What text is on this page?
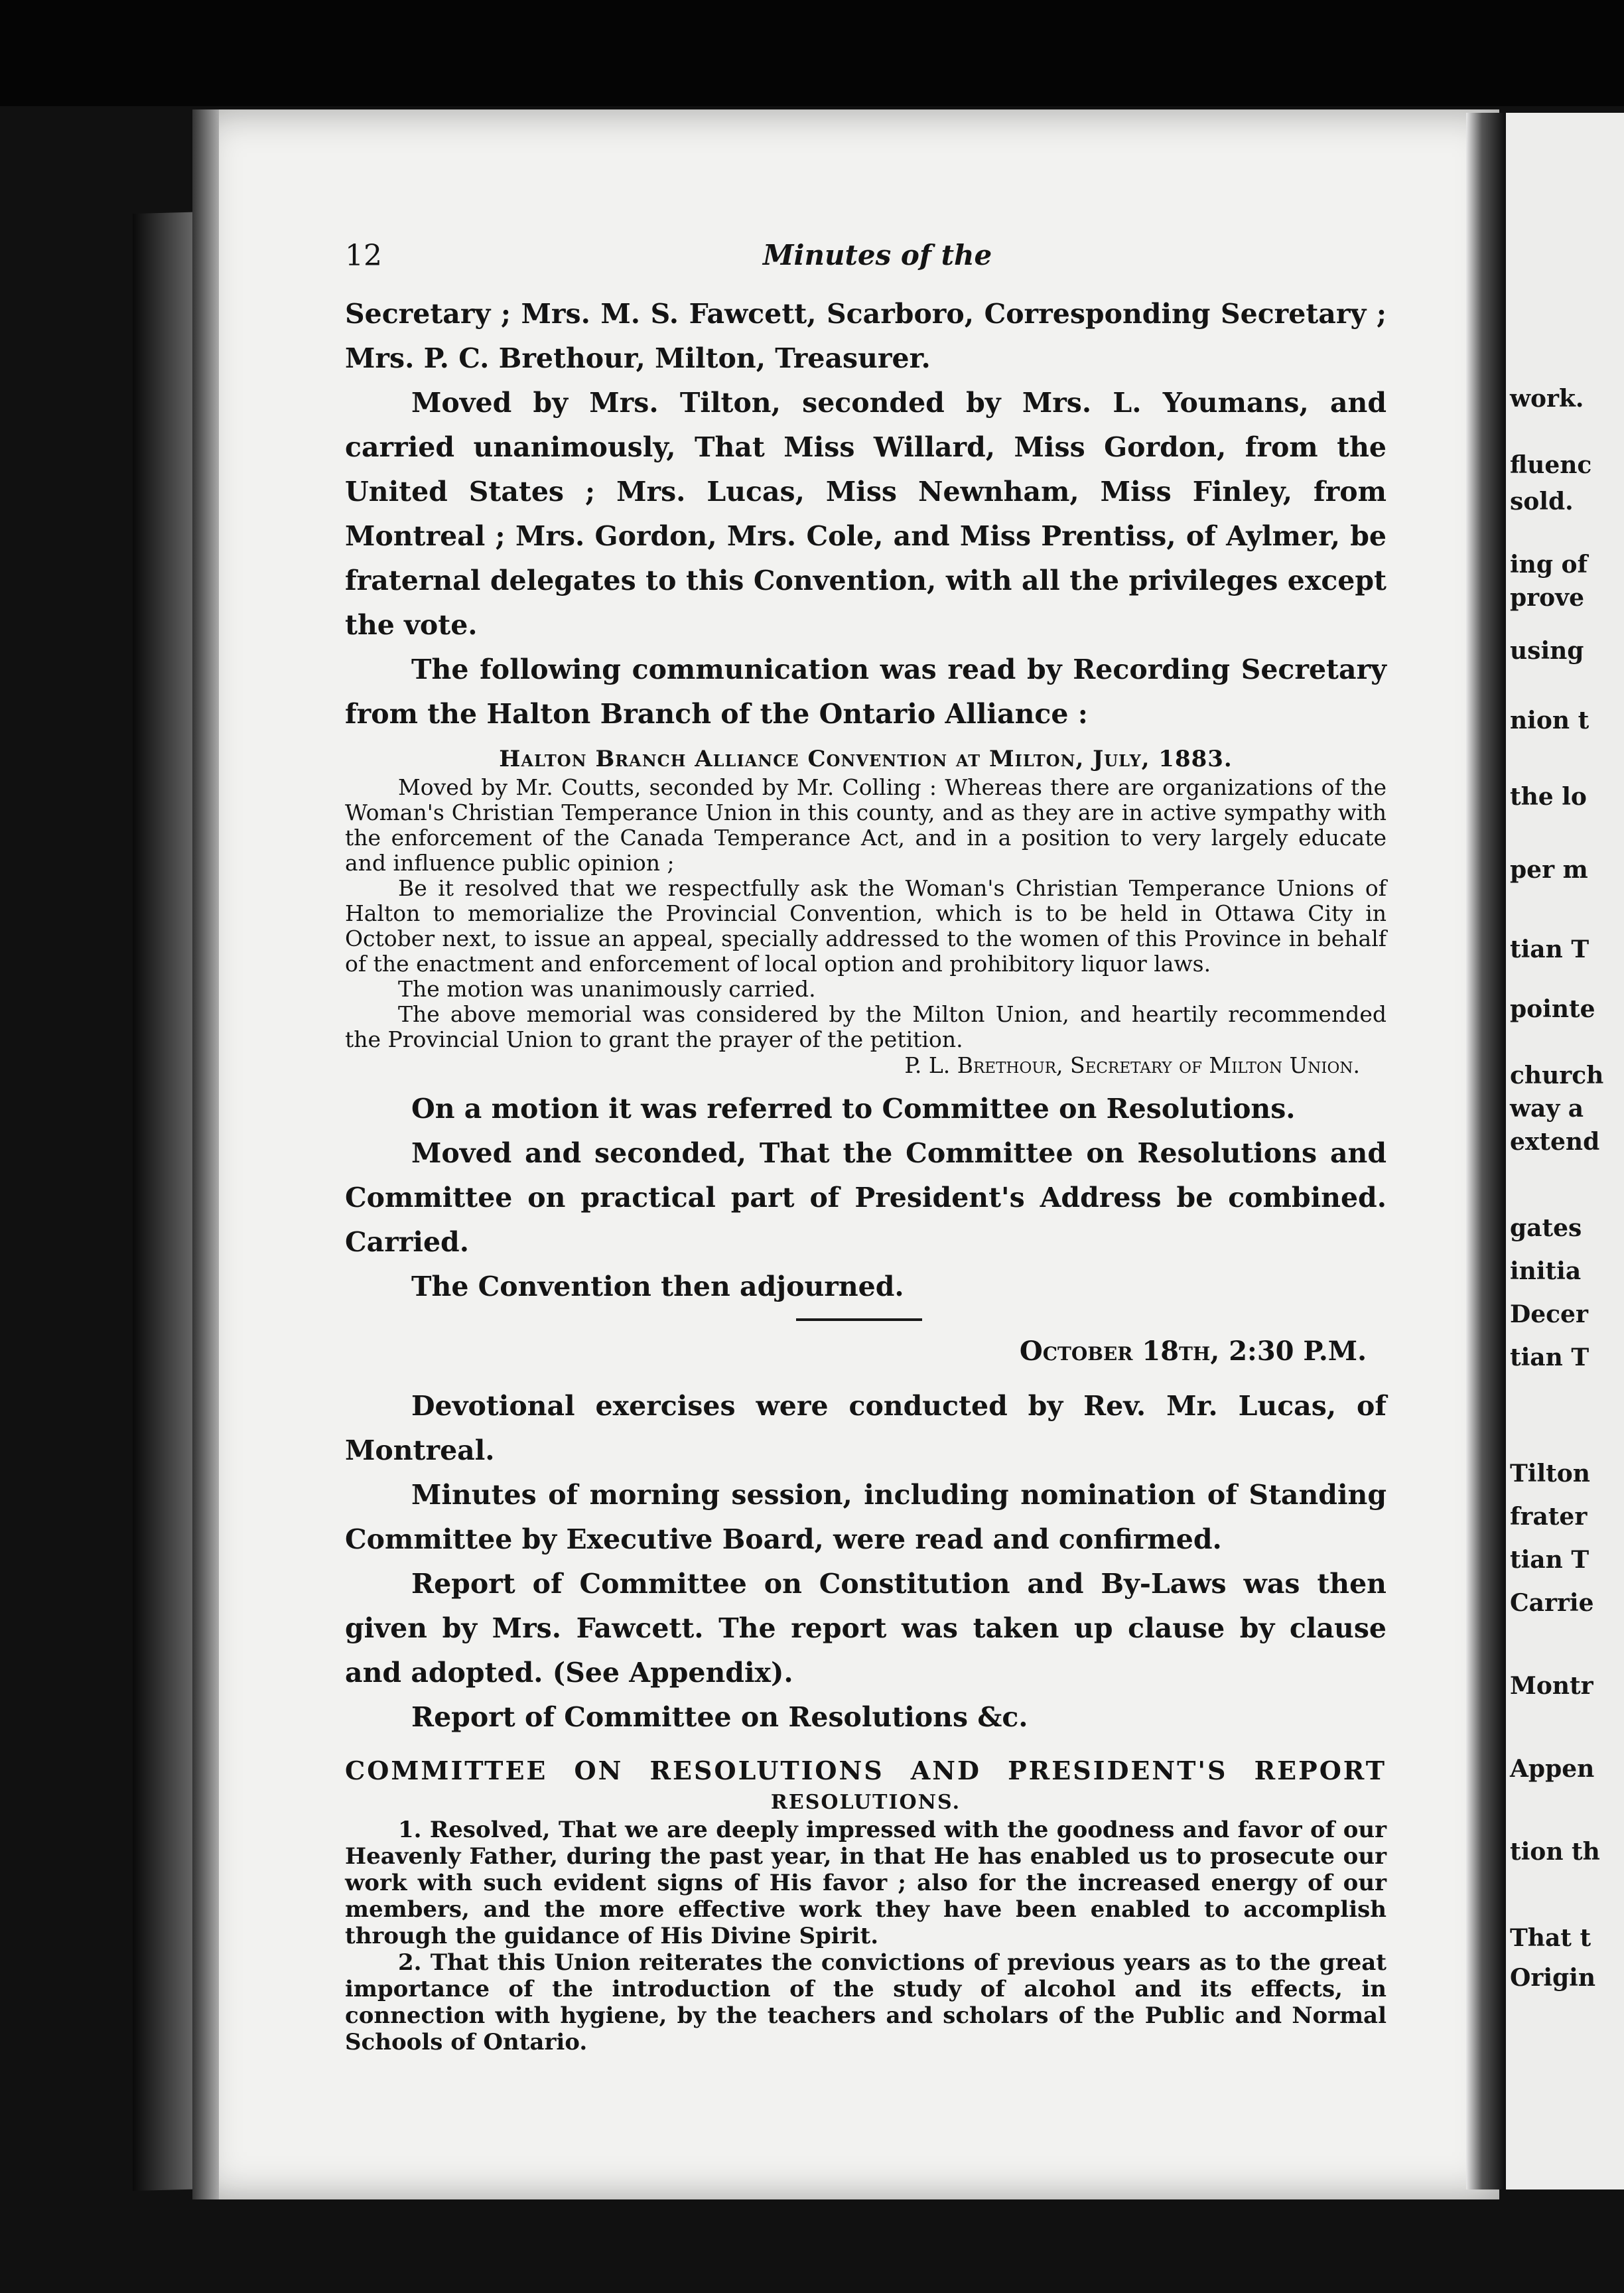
work.
fluenc
sold.
ing of
prove
using
nion t
the lo
per m
tian T
pointe
church
way a
extend
gates
initia
Decer
tian T
Tilton
frater
tian T
Carrie
Montr
Appen
tion th
That t
Origin
12	Minutes of the

Secretary ; Mrs. M. S. Fawcett, Scarboro, Corresponding Secretary ; Mrs. P. C. Brethour, Milton, Treasurer.

Moved by Mrs. Tilton, seconded by Mrs. L. Youmans, and carried unanimously, That Miss Willard, Miss Gordon, from the United States ; Mrs. Lucas, Miss Newnham, Miss Finley, from Montreal ; Mrs. Gordon, Mrs. Cole, and Miss Prentiss, of Aylmer, be fraternal delegates to this Convention, with all the privileges except the vote.

The following communication was read by Recording Secretary from the Halton Branch of the Ontario Alliance :

Halton Branch Alliance Convention at Milton, July, 1883.

Moved by Mr. Coutts, seconded by Mr. Colling : Whereas there are organizations of the Woman's Christian Temperance Union in this county, and as they are in active sympathy with the enforcement of the Canada Temperance Act, and in a position to very largely educate and influence public opinion ;

Be it resolved that we respectfully ask the Woman's Christian Temperance Unions of Halton to memorialize the Provincial Convention, which is to be held in Ottawa City in October next, to issue an appeal, specially addressed to the women of this Province in behalf of the enactment and enforcement of local option and prohibitory liquor laws.

The motion was unanimously carried.

The above memorial was considered by the Milton Union, and heartily recommended the Provincial Union to grant the prayer of the petition.

P. L. Brethour, Secretary of Milton Union.

On a motion it was referred to Committee on Resolutions.

Moved and seconded, That the Committee on Resolutions and Committee on practical part of President's Address be combined. Carried.

The Convention then adjourned.

October 18th, 2:30 P.M.

Devotional exercises were conducted by Rev. Mr. Lucas, of Montreal.

Minutes of morning session, including nomination of Standing Committee by Executive Board, were read and confirmed.

Report of Committee on Constitution and By-Laws was then given by Mrs. Fawcett. The report was taken up clause by clause and adopted. (See Appendix).

Report of Committee on Resolutions &c.

COMMITTEE ON RESOLUTIONS AND PRESIDENT'S REPORT
RESOLUTIONS.

1. Resolved, That we are deeply impressed with the goodness and favor of our Heavenly Father, during the past year, in that He has enabled us to prosecute our work with such evident signs of His favor ; also for the increased energy of our members, and the more effective work they have been enabled to accomplish through the guidance of His Divine Spirit.

2. That this Union reiterates the convictions of previous years as to the great importance of the introduction of the study of alcohol and its effects, in connection with hygiene, by the teachers and scholars of the Public and Normal Schools of Ontario.
